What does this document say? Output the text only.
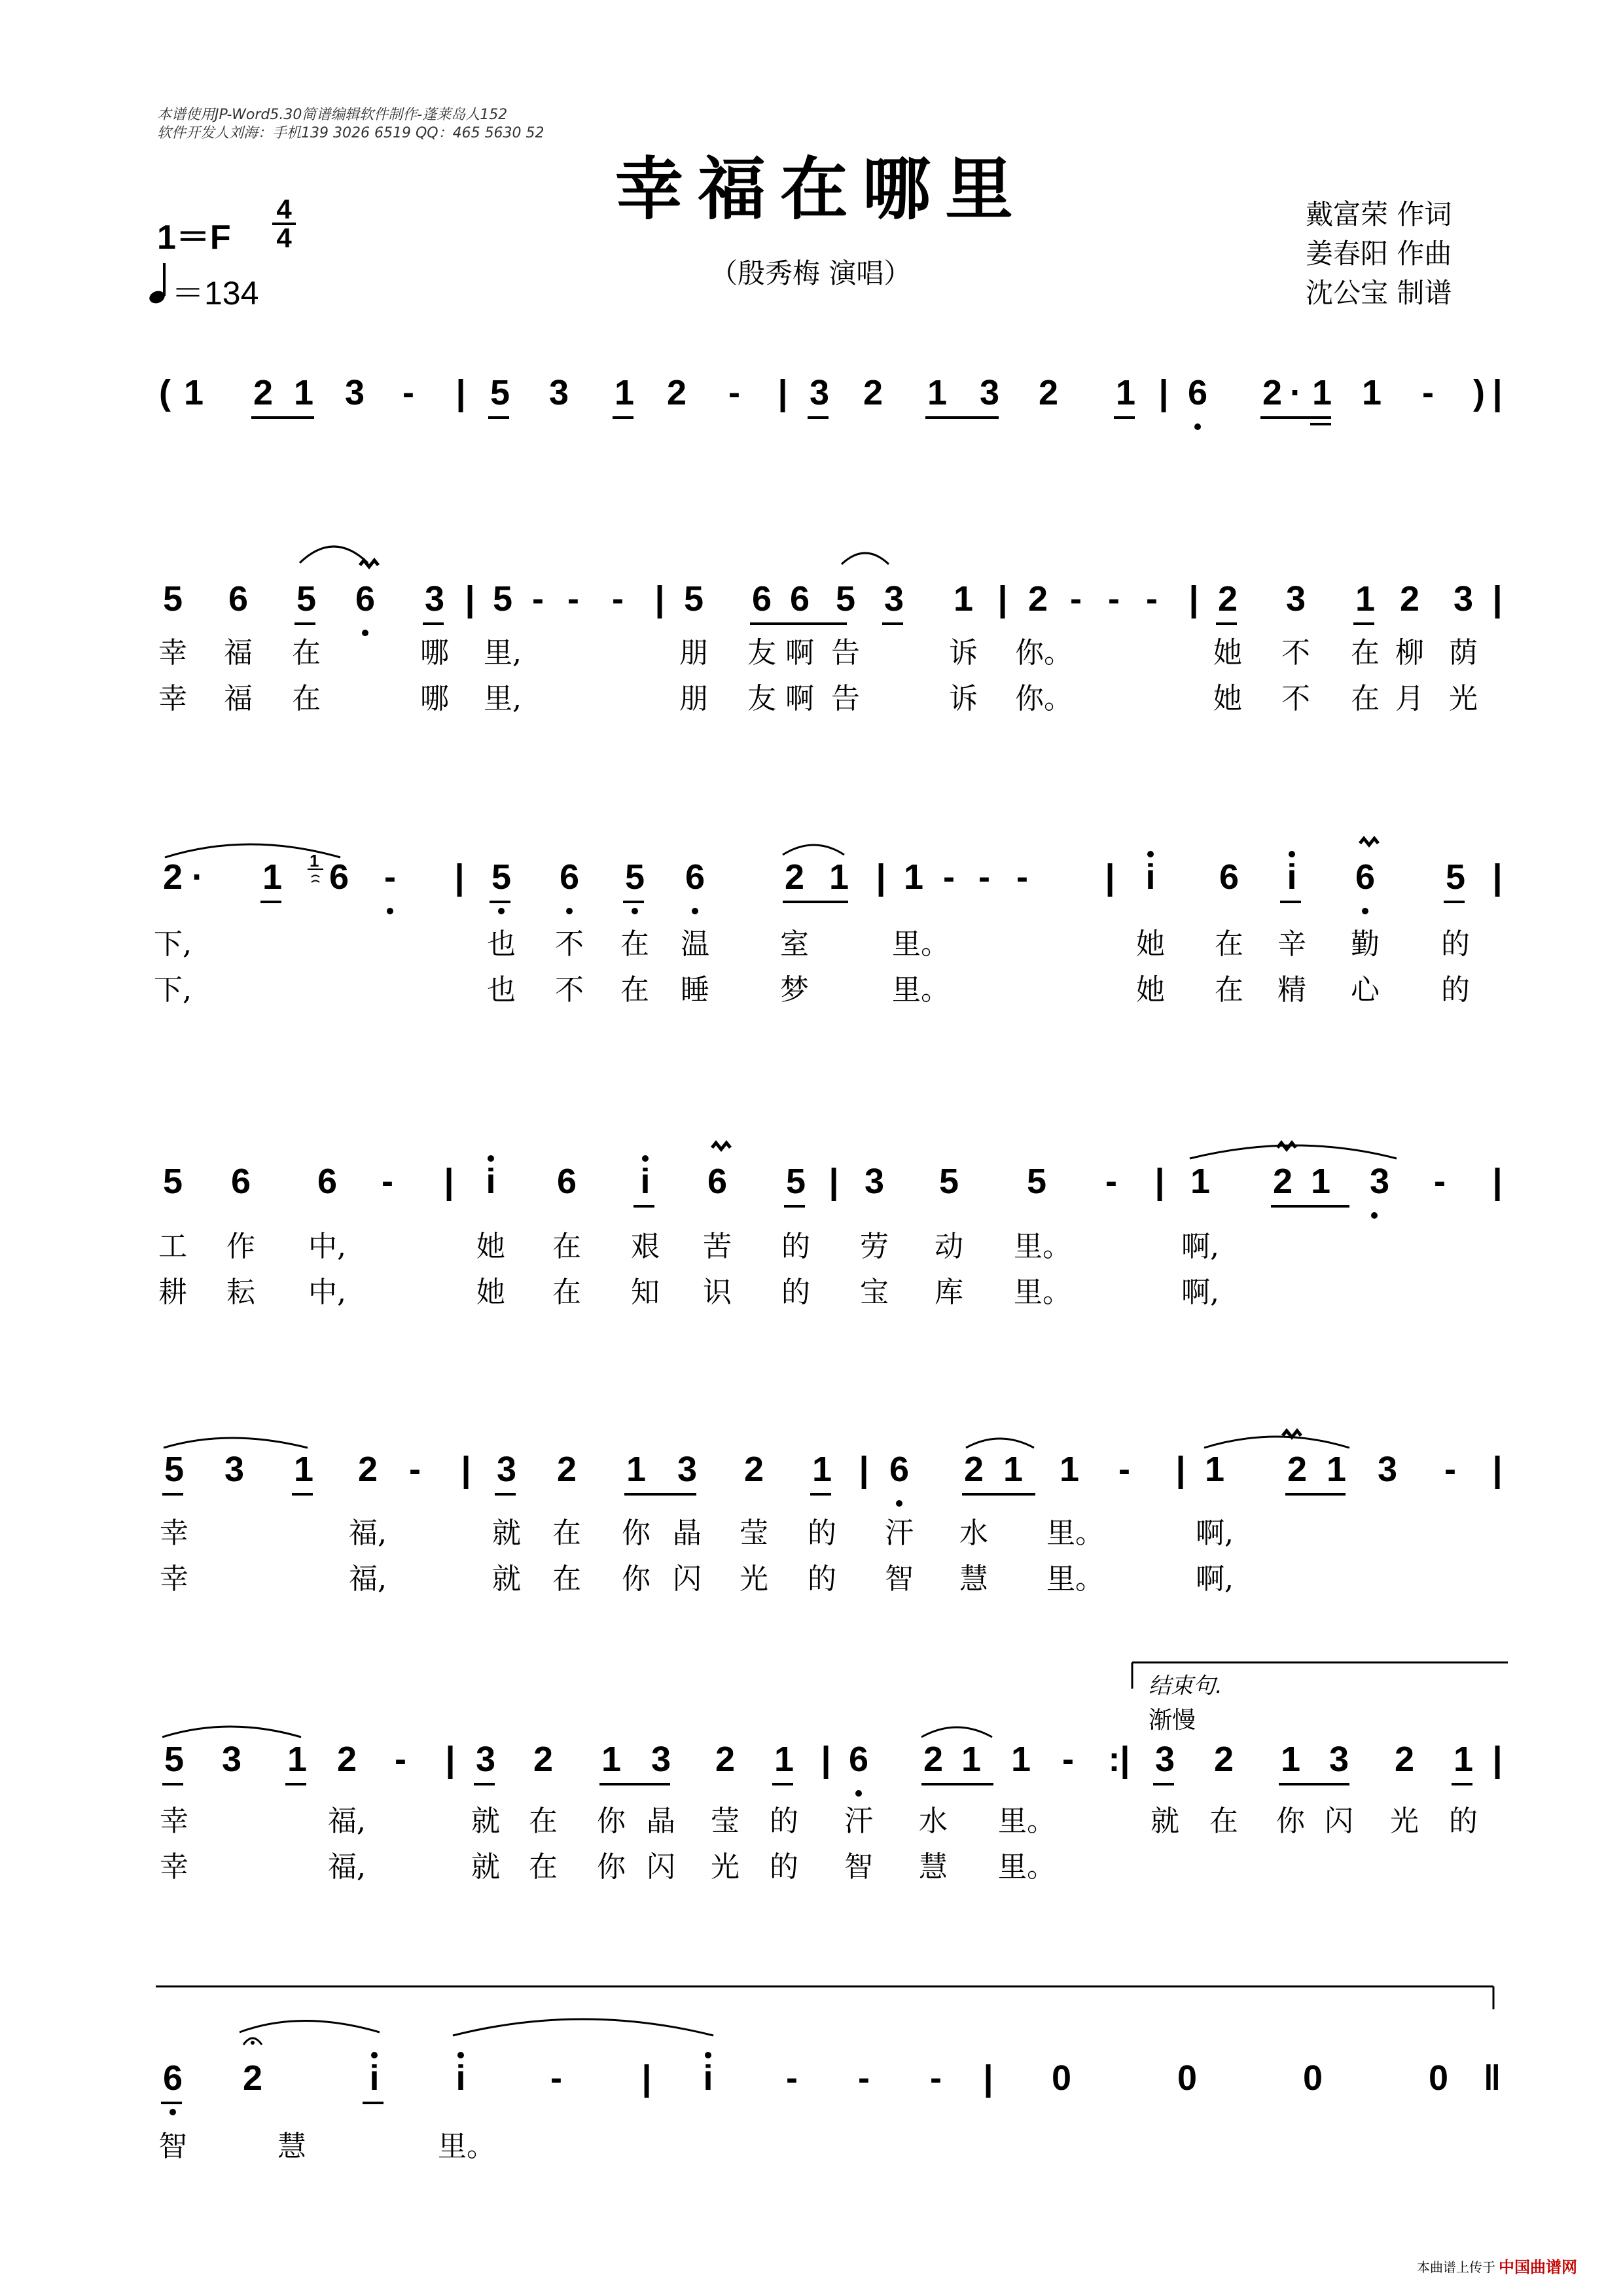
本谱使用JP-Word5.30简谱编辑软件制作-蓬莱岛人152
软件开发人刘海：手机139 3026 6519 QQ：465 5630 52
幸福在哪里
（殷秀梅 演唱）
戴富荣 作词
姜春阳 作曲
沈公宝 制谱
1＝F
4
4
＝134
( 1 2 1 3	-	| 5 3 1 2	-	| 3 2 1 3 2 1 | 6 2 · 1 1	-	) |
5 6 5 6 3 | 5 - - - | 5 6 6 5 3 1 | 2 - - - | 2 3 1 2 3 |
幸 福 在	哪 里,	朋 友 啊 告	诉 你。	她 不 在 柳 荫
幸 福 在	哪 里,	朋 友 啊 告	诉 你。	她 不 在 月 光
2 ·	1 6 -	| 5 6 5 6 2 1 | 1 - - -	| i	6	i	6 5 |
1
下,	也 不 在 温 室	里。	她 在 辛 勤 的
下,	也 不 在 睡 梦	里。	她 在 精 心 的
5 6 6	-	| i	6	i	6 5 | 3 5 5	-	| 1 2 1 3	-	|
工 作 中,	她 在 艰 苦 的 劳 动 里。	啊,
耕 耘 中,	她 在 知 识 的 宝 库 里。	啊,
5 3 1 2 -	| 3 2 1 3 2 1 | 6 2 1 1	-	| 1 2 1 3	-	|
幸	福,	就 在 你 晶 莹 的 汗 水 里。	啊,
幸	福,	就 在 你 闪 光 的 智 慧 里。	啊,
结束句.
渐慢
5 3 1 2	-	| 3 2 1 3 2 1 | 6 2 1 1 - :| 3 2 1 3 2 1 |
幸	福,	就 在 你 晶 莹 的 汗 水 里。	就 在 你 闪 光 的
幸	福,	就 在 你 闪 光 的 智 慧 里。
6 2	i	i	-	|	i	-	-	-	|	0	0	0	0 ‖
智	慧	里。
本曲谱上传于 中国曲谱网
